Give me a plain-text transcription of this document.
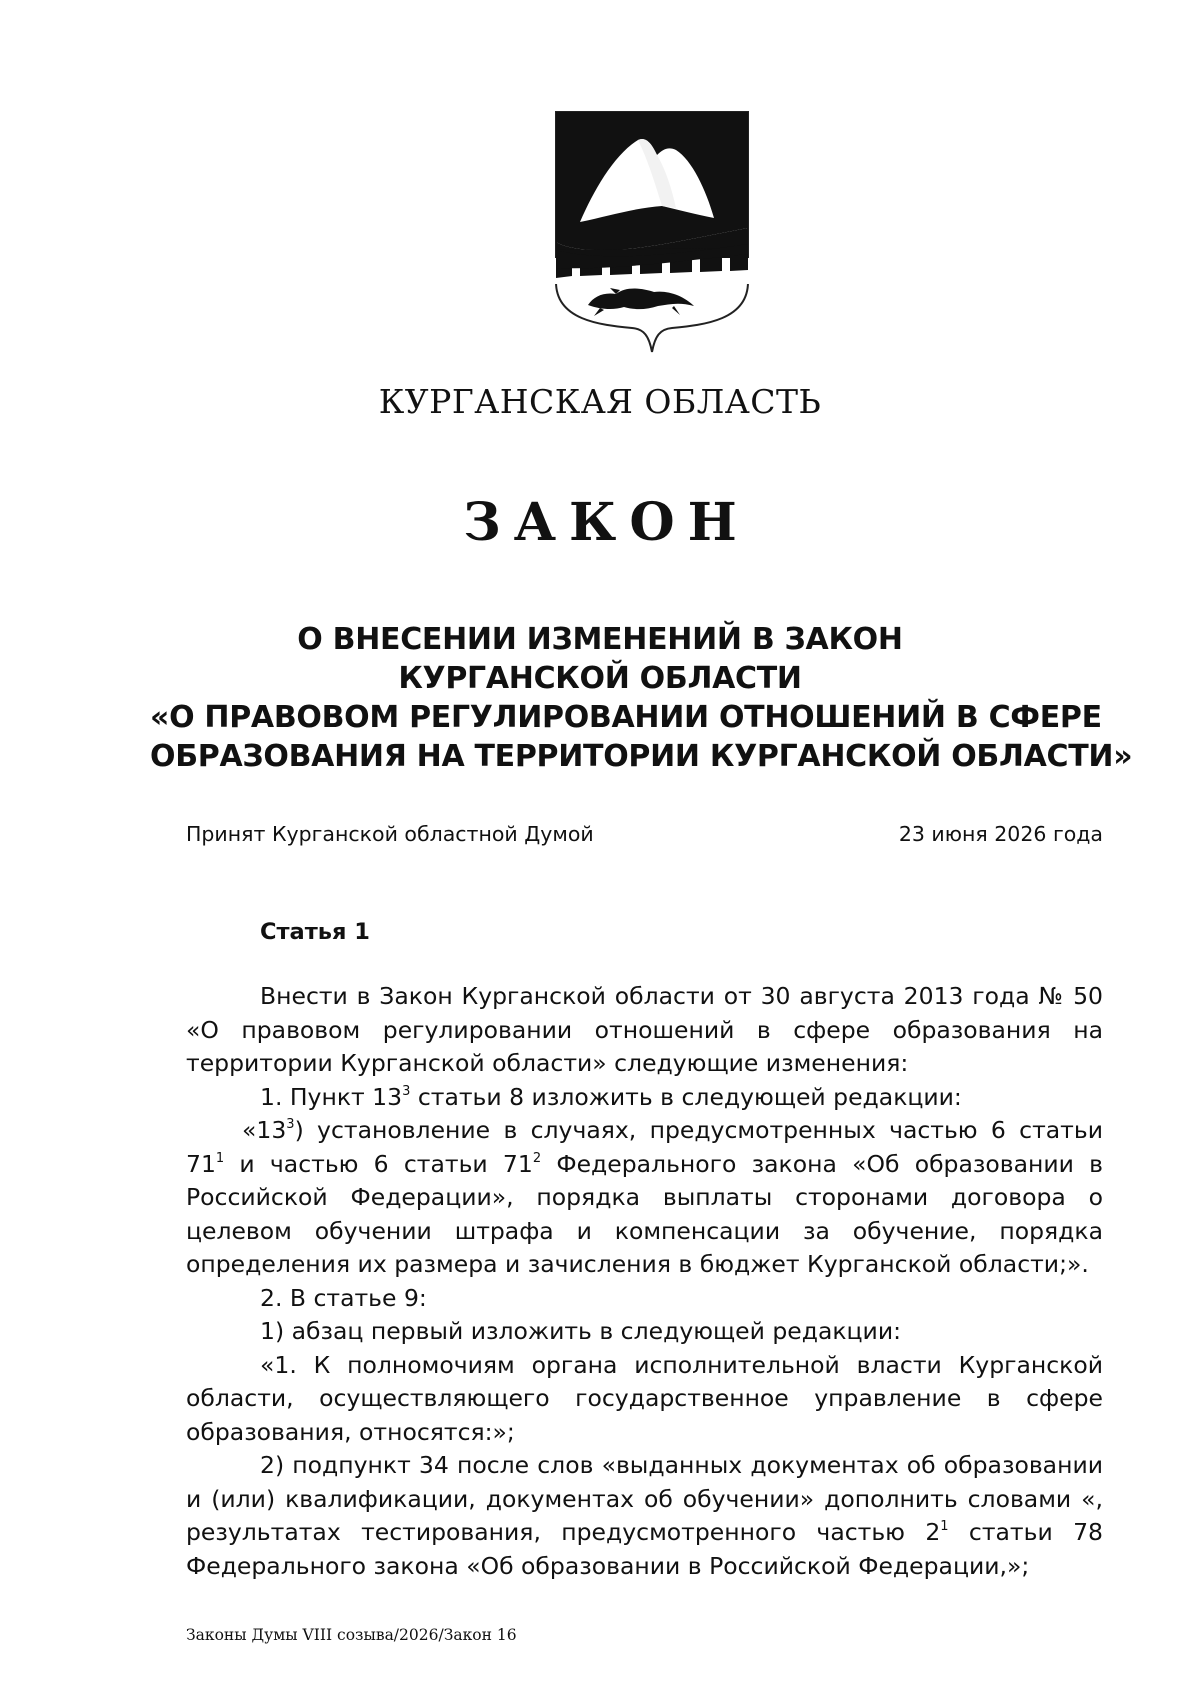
КУРГАНСКАЯ ОБЛАСТЬ
ЗАКОН
О ВНЕСЕНИИ ИЗМЕНЕНИЙ В ЗАКОН
КУРГАНСКОЙ ОБЛАСТИ
«О ПРАВОВОМ РЕГУЛИРОВАНИИ ОТНОШЕНИЙ В СФЕРЕ
ОБРАЗОВАНИЯ НА ТЕРРИТОРИИ КУРГАНСКОЙ ОБЛАСТИ»
Принят Курганской областной Думой	23 июня 2026 года
Статья 1

Внести в Закон Курганской области от 30 августа 2013 года № 50 «О правовом регулировании отношений в сфере образования на территории Курганской области» следующие изменения:

1. Пункт $13^3$ статьи 8 изложить в следующей редакции:

«$13^3$) установление в случаях, предусмотренных частью 6 статьи $71^1$ и частью 6 статьи $71^2$ Федерального закона «Об образовании в Российской Федерации», порядка выплаты сторонами договора о целевом обучении штрафа и компенсации за обучение, порядка определения их размера и зачисления в бюджет Курганской области;».

2. В статье 9:

1) абзац первый изложить в следующей редакции:

«1. К полномочиям органа исполнительной власти Курганской области, осуществляющего государственное управление в сфере образования, относятся:»;

2) подпункт 34 после слов «выданных документах об образовании и (или) квалификации, документах об обучении» дополнить словами «, результатах тестирования, предусмотренного частью $2^1$ статьи 78 Федерального закона «Об образовании в Российской Федерации,»;

Законы Думы VIII созыва/2026/Закон 16
